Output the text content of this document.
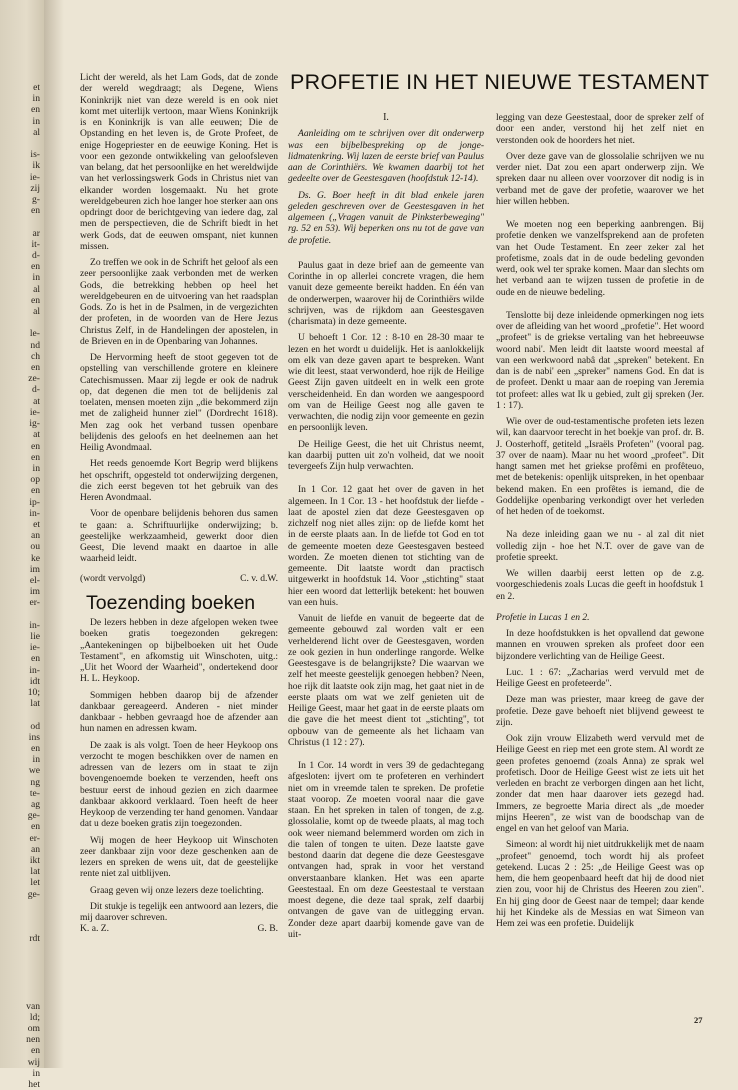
et
in
en
in
al

is-
ik
ie-
zij
g-
en

ar
it-
d-
en
in
al
en
al

le-
nd
ch
en
ze-
d-
at
ie-
ig-
at
en
en
in
op
en
ip-
in-
et
an
ou
ke
im
el-
im
er-

in-
lie
ie-
en
in-
idt
10;
lat

od
ins
en
in
we
ng
te-
ag
ge-
en
er-
an
ikt
lat
let
ge-

rdt

van
ld;
om
nen
en
wij
in
het

PROFETIE IN HET NIEUWE TESTAMENT

Licht der wereld, als het Lam Gods, dat de zonde der wereld wegdraagt; als Degene, Wiens Koninkrijk niet van deze wereld is en ook niet komt met uiterlijk vertoon, maar Wiens Koninkrijk is en Koninkrijk is van alle eeuwen; Die de Opstanding en het leven is, de Grote Profeet, de enige Hogepriester en de eeuwige Koning. Het is voor een gezonde ontwikkeling van geloofsleven van belang, dat het persoonlijke en het wereldwijde van het verlossingswerk Gods in Christus niet van elkander worden losgemaakt. Nu het grote wereldgebeuren zich hoe langer hoe sterker aan ons opdringt door de berichtgeving van iedere dag, zal men de perspectieven, die de Schrift biedt in het werk Gods, dat de eeuwen omspant, niet kunnen missen.

Zo treffen we ook in de Schrift het geloof als een zeer persoonlijke zaak verbonden met de werken Gods, die betrekking hebben op heel het wereldgebeuren en de uitvoering van het raadsplan Gods. Zo is het in de Psalmen, in de vergezichten der profeten, in de woorden van de Here Jezus Christus Zelf, in de Handelingen der apostelen, in de Brieven en in de Openbaring van Johannes.

De Hervorming heeft de stoot gegeven tot de opstelling van verschillende grotere en kleinere Catechismussen. Maar zij legde er ook de nadruk op, dat degenen die men tot de belijdenis zal toelaten, mensen moeten zijn „die bekommerd zijn met de zaligheid hunner ziel" (Dordrecht 1618). Men zag ook het verband tussen openbare belijdenis des geloofs en het deelnemen aan het Heilig Avondmaal.

Het reeds genoemde Kort Begrip werd blijkens het opschrift, opgesteld tot onderwijzing dergenen, die zich eerst begeven tot het gebruik van des Heren Avondmaal.

Voor de openbare belijdenis behoren dus samen te gaan: a. Schriftuurlijke onderwijzing; b. geestelijke werkzaamheid, gewerkt door dien Geest, Die levend maakt en daartoe in alle waarheid leidt.

(wordt vervolgd)	C. v. d.W.
Toezending boeken

De lezers hebben in deze afgelopen weken twee boeken gratis toegezonden gekregen: „Aantekeningen op bijbelboeken uit het Oude Testament", en afkomstig uit Winschoten, uitg.: „Uit het Woord der Waarheid", ondertekend door H. L. Heykoop.

Sommigen hebben daarop bij de afzender dankbaar gereageerd. Anderen - niet minder dankbaar - hebben gevraagd hoe de afzender aan hun namen en adressen kwam.

De zaak is als volgt. Toen de heer Heykoop ons verzocht te mogen beschikken over de namen en adressen van de lezers om in staat te zijn bovengenoemde boeken te verzenden, heeft ons bestuur eerst de inhoud gezien en zich daarmee dankbaar akkoord verklaard. Toen heeft de heer Heykoop de verzending ter hand genomen. Vandaar dat u deze boeken gratis zijn toegezonden.

Wij mogen de heer Heykoop uit Winschoten zeer dankbaar zijn voor deze geschenken aan de lezers en spreken de wens uit, dat de geestelijke rente niet zal uitblijven.

Graag geven wij onze lezers deze toelichting.

Dit stukje is tegelijk een antwoord aan lezers, die mij daarover schreven.

K. a. Z.	G. B.

I.

Aanleiding om te schrijven over dit onderwerp was een bijbelbespreking op de jonge-lidmatenkring. Wij lazen de eerste brief van Paulus aan de Corinthiërs. We kwamen daarbij tot het gedeelte over de Geestesgaven (hoofdstuk 12-14).

Ds. G. Boer heeft in dit blad enkele jaren geleden geschreven over de Geestesgaven in het algemeen („Vragen vanuit de Pinksterbeweging" rg. 52 en 53). Wij beperken ons nu tot de gave van de profetie.

Paulus gaat in deze brief aan de gemeente van Corinthe in op allerlei concrete vragen, die hem vanuit deze gemeente bereikt hadden. En één van de onderwerpen, waarover hij de Corinthiërs wilde schrijven, was de rijkdom aan Geestesgaven (charismata) in deze gemeente.

U behoeft 1 Cor. 12 : 8-10 en 28-30 maar te lezen en het wordt u duidelijk. Het is aanlokkelijk om elk van deze gaven apart te bespreken. Want wie dit leest, staat verwonderd, hoe rijk de Heilige Geest Zijn gaven uitdeelt en in welk een grote verscheidenheid. En dan worden we aangespoord om van de Heilige Geest nog alle gaven te verwachten, die nodig zijn voor gemeente en gezin en persoonlijk leven.

De Heilige Geest, die het uit Christus neemt, kan daarbij putten uit zo'n volheid, dat we nooit tevergeefs Zijn hulp verwachten.

In 1 Cor. 12 gaat het over de gaven in het algemeen. In 1 Cor. 13 - het hoofdstuk der liefde - laat de apostel zien dat deze Geestesgaven op zichzelf nog niet alles zijn: op de liefde komt het in de eerste plaats aan. In de liefde tot God en tot de gemeente moeten deze Geestesgaven besteed worden. Ze moeten dienen tot stichting van de gemeente. Dit laatste wordt dan practisch uitgewerkt in hoofdstuk 14. Voor „stichting" staat hier een woord dat letterlijk betekent: het bouwen van een huis.

Vanuit de liefde en vanuit de begeerte dat de gemeente gebouwd zal worden valt er een verhelderend licht over de Geestesgaven, worden ze ook gezien in hun onderlinge rangorde. Welke Geestesgave is de belangrijkste? Die waarvan we zelf het meeste geestelijk genoegen hebben? Neen, hoe rijk dit laatste ook zijn mag, het gaat niet in de eerste plaats om wat we zelf genieten uit de Heilige Geest, maar het gaat in de eerste plaats om die gave die het meest dient tot „stichting", tot opbouw van de gemeente als het lichaam van Christus (1 12 : 27).

In 1 Cor. 14 wordt in vers 39 de gedachtegang afgesloten: ijvert om te profeteren en verhindert niet om in vreemde talen te spreken. De profetie staat voorop. Ze moeten vooral naar die gave staan. En het spreken in talen of tongen, de z.g. glossolalie, komt op de tweede plaats, al mag toch ook weer niemand belemmerd worden om zich in die talen of tongen te uiten. Deze laatste gave bestond daarin dat degene die deze Geestesgave ontvangen had, sprak in voor het verstand onverstaanbare klanken. Het was een aparte Geestestaal. En om deze Geestestaal te verstaan moest degene, die deze taal sprak, zelf daarbij ontvangen de gave van de uitlegging ervan. Zonder deze apart daarbij komende gave van de uit-

legging van deze Geestestaal, door de spreker zelf of door een ander, verstond hij het zelf niet en verstonden ook de hoorders het niet.

Over deze gave van de glossolalie schrijven we nu verder niet. Dat zou een apart onderwerp zijn. We spreken daar nu alleen over voorzover dit nodig is in verband met de gave der profetie, waarover we het hier willen hebben.

We moeten nog een beperking aanbrengen. Bij profetie denken we vanzelfsprekend aan de profeten van het Oude Testament. En zeer zeker zal het profetisme, zoals dat in de oude bedeling gevonden werd, ook wel ter sprake komen. Maar dan slechts om het verband aan te wijzen tussen de profetie in de oude en de nieuwe bedeling.

Tenslotte bij deze inleidende opmerkingen nog iets over de afleiding van het woord „profetie". Het woord „profeet" is de griekse vertaling van het hebreeuwse woord nabi'. Men leidt dit laatste woord meestal af van een werkwoord nabâ dat „spreken" betekent. En dan is de nabi' een „spreker" namens God. En dat is de profeet. Denkt u maar aan de roeping van Jeremia tot profeet: alles wat Ik u gebied, zult gij spreken (Jer. 1 : 17).

Wie over de oud-testamentische profeten iets lezen wil, kan daarvoor terecht in het boekje van prof. dr. B. J. Oosterhoff, getiteld „Israëls Profeten" (vooral pag. 37 over de naam). Maar nu het woord „profeet". Dit hangt samen met het griekse profêmi en profêteuo, met de betekenis: openlijk uitspreken, in het openbaar bekend maken. En een profêtes is iemand, die de Goddelijke openbaring verkondigt over het verleden of het heden of de toekomst.

Na deze inleiding gaan we nu - al zal dit niet volledig zijn - hoe het N.T. over de gave van de profetie spreekt.

We willen daarbij eerst letten op de z.g. voorgeschiedenis zoals Lucas die geeft in hoofdstuk 1 en 2.

Profetie in Lucas 1 en 2.

In deze hoofdstukken is het opvallend dat gewone mannen en vrouwen spreken als profeet door een bijzondere verlichting van de Heilige Geest.

Luc. 1 : 67: „Zacharias werd vervuld met de Heilige Geest en profeteerde".

Deze man was priester, maar kreeg de gave der profetie. Deze gave behoeft niet blijvend geweest te zijn.

Ook zijn vrouw Elizabeth werd vervuld met de Heilige Geest en riep met een grote stem. Al wordt ze geen profetes genoemd (zoals Anna) ze sprak wel profetisch. Door de Heilige Geest wist ze iets uit het verleden en bracht ze verborgen dingen aan het licht, zonder dat men haar daarover iets gezegd had. Immers, ze begroette Maria direct als „de moeder mijns Heeren", ze wist van de boodschap van de engel en van het geloof van Maria.

Simeon: al wordt hij niet uitdrukkelijk met de naam „profeet" genoemd, toch wordt hij als profeet getekend. Lucas 2 : 25: „de Heilige Geest was op hem, die hem geopenbaard heeft dat hij de dood niet zien zou, voor hij de Christus des Heeren zou zien". En hij ging door de Geest naar de tempel; daar kende hij het Kindeke als de Messias en wat Simeon van Hem zei was een profetie. Duidelijk

27
